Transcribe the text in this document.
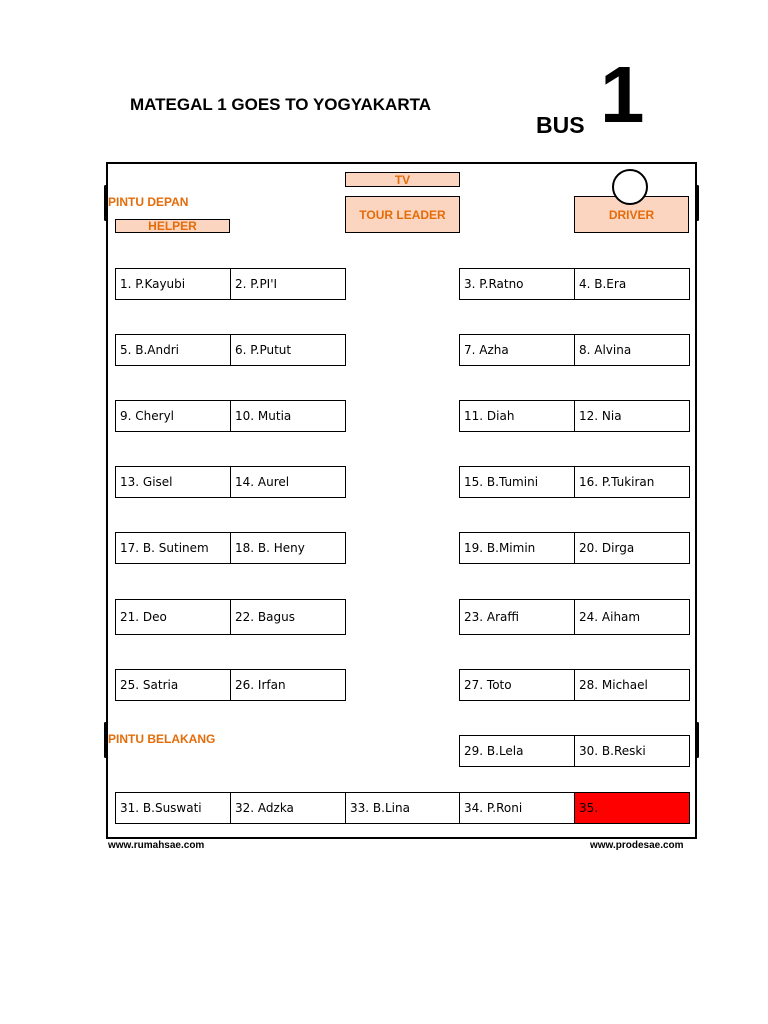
MATEGAL 1 GOES TO YOGYAKARTA
BUS 1
TV
PINTU DEPAN
HELPER
TOUR LEADER	DRIVER
1. P.Kayubi	2. P.PI'I	3. P.Ratno	4. B.Era
5. B.Andri	6. P.Putut	7. Azha	8. Alvina
9. Cheryl	10. Mutia	11. Diah	12. Nia
13. Gisel	14. Aurel	15. B.Tumini	16. P.Tukiran
17. B. Sutinem	18. B. Heny	19. B.Mimin	20. Dirga
21. Deo	22. Bagus	23. Araffi	24. Aiham
25. Satria	26. Irfan	27. Toto	28. Michael
PINTU BELAKANG
29. B.Lela	30. B.Reski
31. B.Suswati	32. Adzka	33. B.Lina	34. P.Roni	35.
www.rumahsae.com	www.prodesae.com
